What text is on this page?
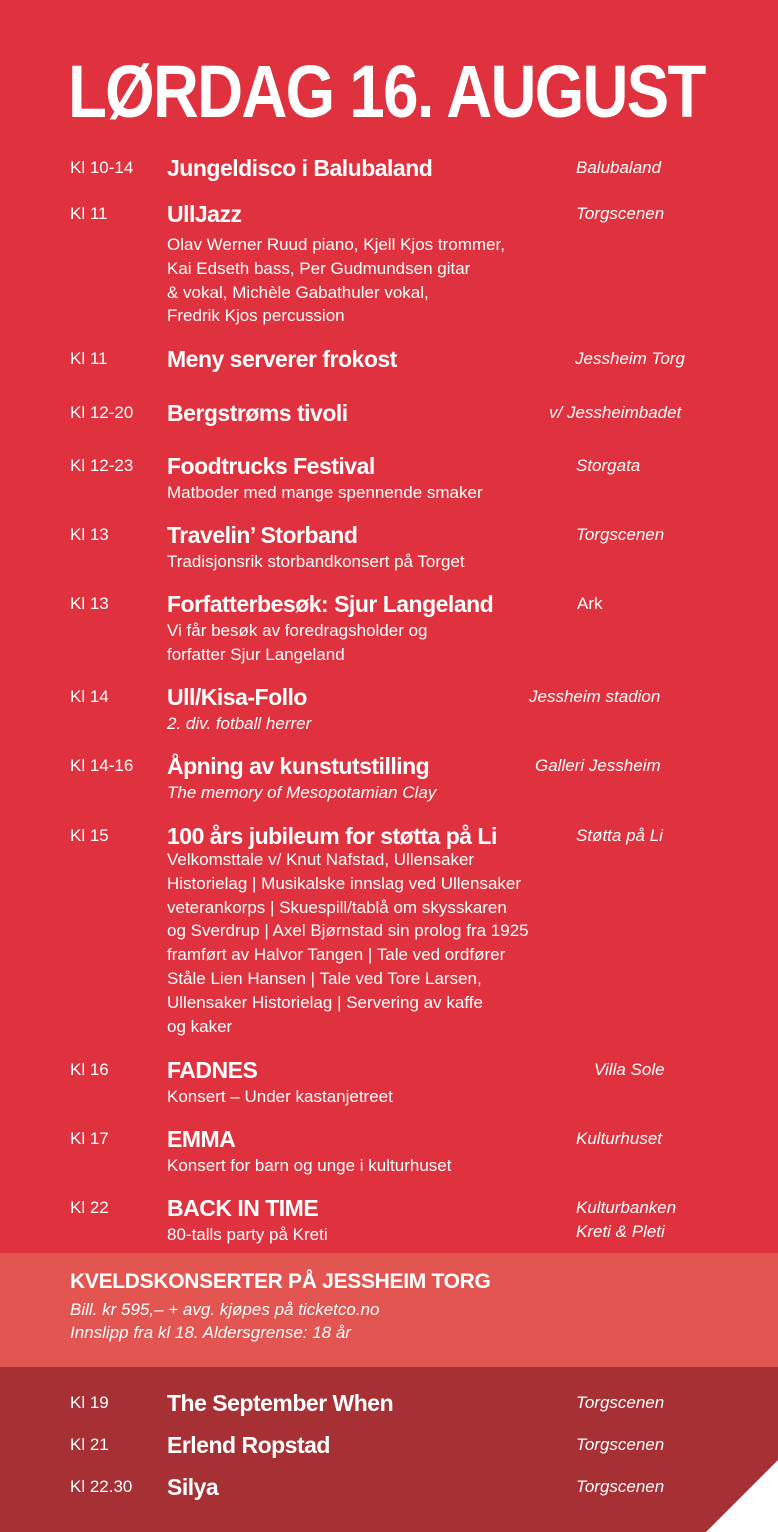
LØRDAG 16. AUGUST
Kl 10-14 Jungeldisco i Balubaland	Balubaland
Kl 11	UllJazz	Torgscenen
Olav Werner Ruud piano, Kjell Kjos trommer,
Kai Edseth bass, Per Gudmundsen gitar
& vokal, Michèle Gabathuler vokal,
Fredrik Kjos percussion
Kl 11	Meny serverer frokost	Jessheim Torg
Kl 12-20 Bergstrøms tivoli	v/ Jessheimbadet
Kl 12-23 Foodtrucks Festival	Storgata
Matboder med mange spennende smaker
Kl 13	Travelin’ Storband	Torgscenen
Tradisjonsrik storbandkonsert på Torget
Kl 13	Forfatterbesøk: Sjur Langeland	Ark
Vi får besøk av foredragsholder og
forfatter Sjur Langeland
Kl 14	Ull/Kisa-Follo	Jessheim stadion
2. div. fotball herrer
Kl 14-16 Åpning av kunstutstilling	Galleri Jessheim
The memory of Mesopotamian Clay
Kl 15	100 års jubileum for støtta på Li	Støtta på Li
Velkomsttale v/ Knut Nafstad, Ullensaker
Historielag | Musikalske innslag ved Ullensaker
veterankorps | Skuespill/tablå om skysskaren
og Sverdrup | Axel Bjørnstad sin prolog fra 1925
framført av Halvor Tangen | Tale ved ordfører
Ståle Lien Hansen | Tale ved Tore Larsen,
Ullensaker Historielag | Servering av kaffe
og kaker
Kl 16	FADNES	Villa Sole
Konsert – Under kastanjetreet
Kl 17	EMMA	Kulturhuset
Konsert for barn og unge i kulturhuset
Kl 22	BACK IN TIME	Kulturbanken
Kreti & Pleti
80-talls party på Kreti
KVELDSKONSERTER PÅ JESSHEIM TORG
Bill. kr 595,– + avg. kjøpes på ticketco.no
Innslipp fra kl 18. Aldersgrense: 18 år
Kl 19	The September When	Torgscenen
Kl 21	Erlend Ropstad	Torgscenen
Kl 22.30 Silya	Torgscenen
